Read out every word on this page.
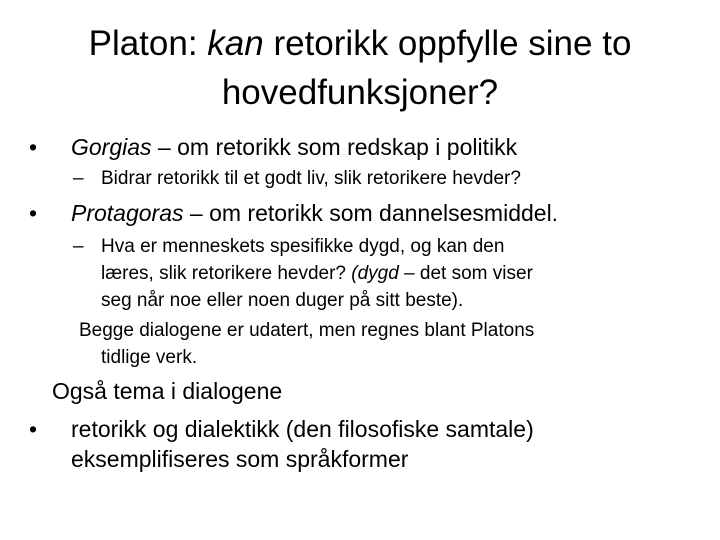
Platon: kan retorikk oppfylle sine to
hovedfunksjoner?
• Gorgias – om retorikk som redskap i politikk
– Bidrar retorikk til et godt liv, slik retorikere hevder?
• Protagoras – om retorikk som dannelsesmiddel.
– Hva er menneskets spesifikke dygd, og kan den
læres, slik retorikere hevder? (dygd – det som viser
seg når noe eller noen duger på sitt beste).
Begge dialogene er udatert, men regnes blant Platons
tidlige verk.
Også tema i dialogene
• retorikk og dialektikk (den filosofiske samtale)
eksemplifiseres som språkformer
